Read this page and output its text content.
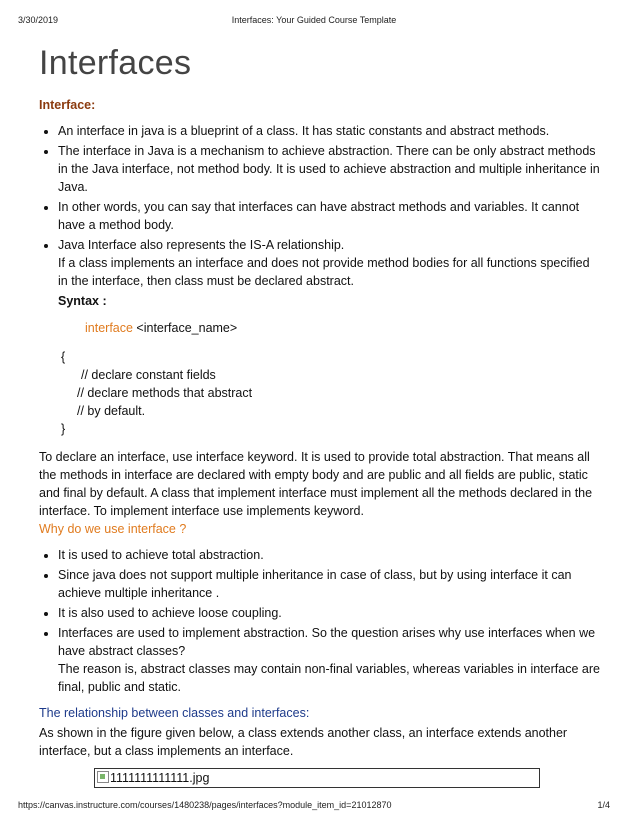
3/30/2019	Interfaces: Your Guided Course Template
Interfaces
Interface:
• An interface in java is a blueprint of a class. It has static constants and abstract methods.
• The interface in Java is a mechanism to achieve abstraction. There can be only abstract methods in the Java interface, not method body. It is used to achieve abstraction and multiple inheritance in Java.
• In other words, you can say that interfaces can have abstract methods and variables. It cannot have a method body.
• Java Interface also represents the IS-A relationship.
If a class implements an interface and does not provide method bodies for all functions specified in the interface, then class must be declared abstract.
Syntax :
interface <interface_name>
{
// declare constant fields
// declare methods that abstract
// by default.
}
To declare an interface, use interface keyword. It is used to provide total abstraction. That means all the methods in interface are declared with empty body and are public and all fields are public, static and final by default. A class that implement interface must implement all the methods declared in the interface. To implement interface use implements keyword.
Why do we use interface ?
• It is used to achieve total abstraction.
• Since java does not support multiple inheritance in case of class, but by using interface it can achieve multiple inheritance .
• It is also used to achieve loose coupling.
• Interfaces are used to implement abstraction. So the question arises why use interfaces when we have abstract classes?
The reason is, abstract classes may contain non-final variables, whereas variables in interface are final, public and static.
The relationship between classes and interfaces:
As shown in the figure given below, a class extends another class, an interface extends another interface, but a class implements an interface.
1111111111111.jpg
https://canvas.instructure.com/courses/1480238/pages/interfaces?module_item_id=21012870	1/4
